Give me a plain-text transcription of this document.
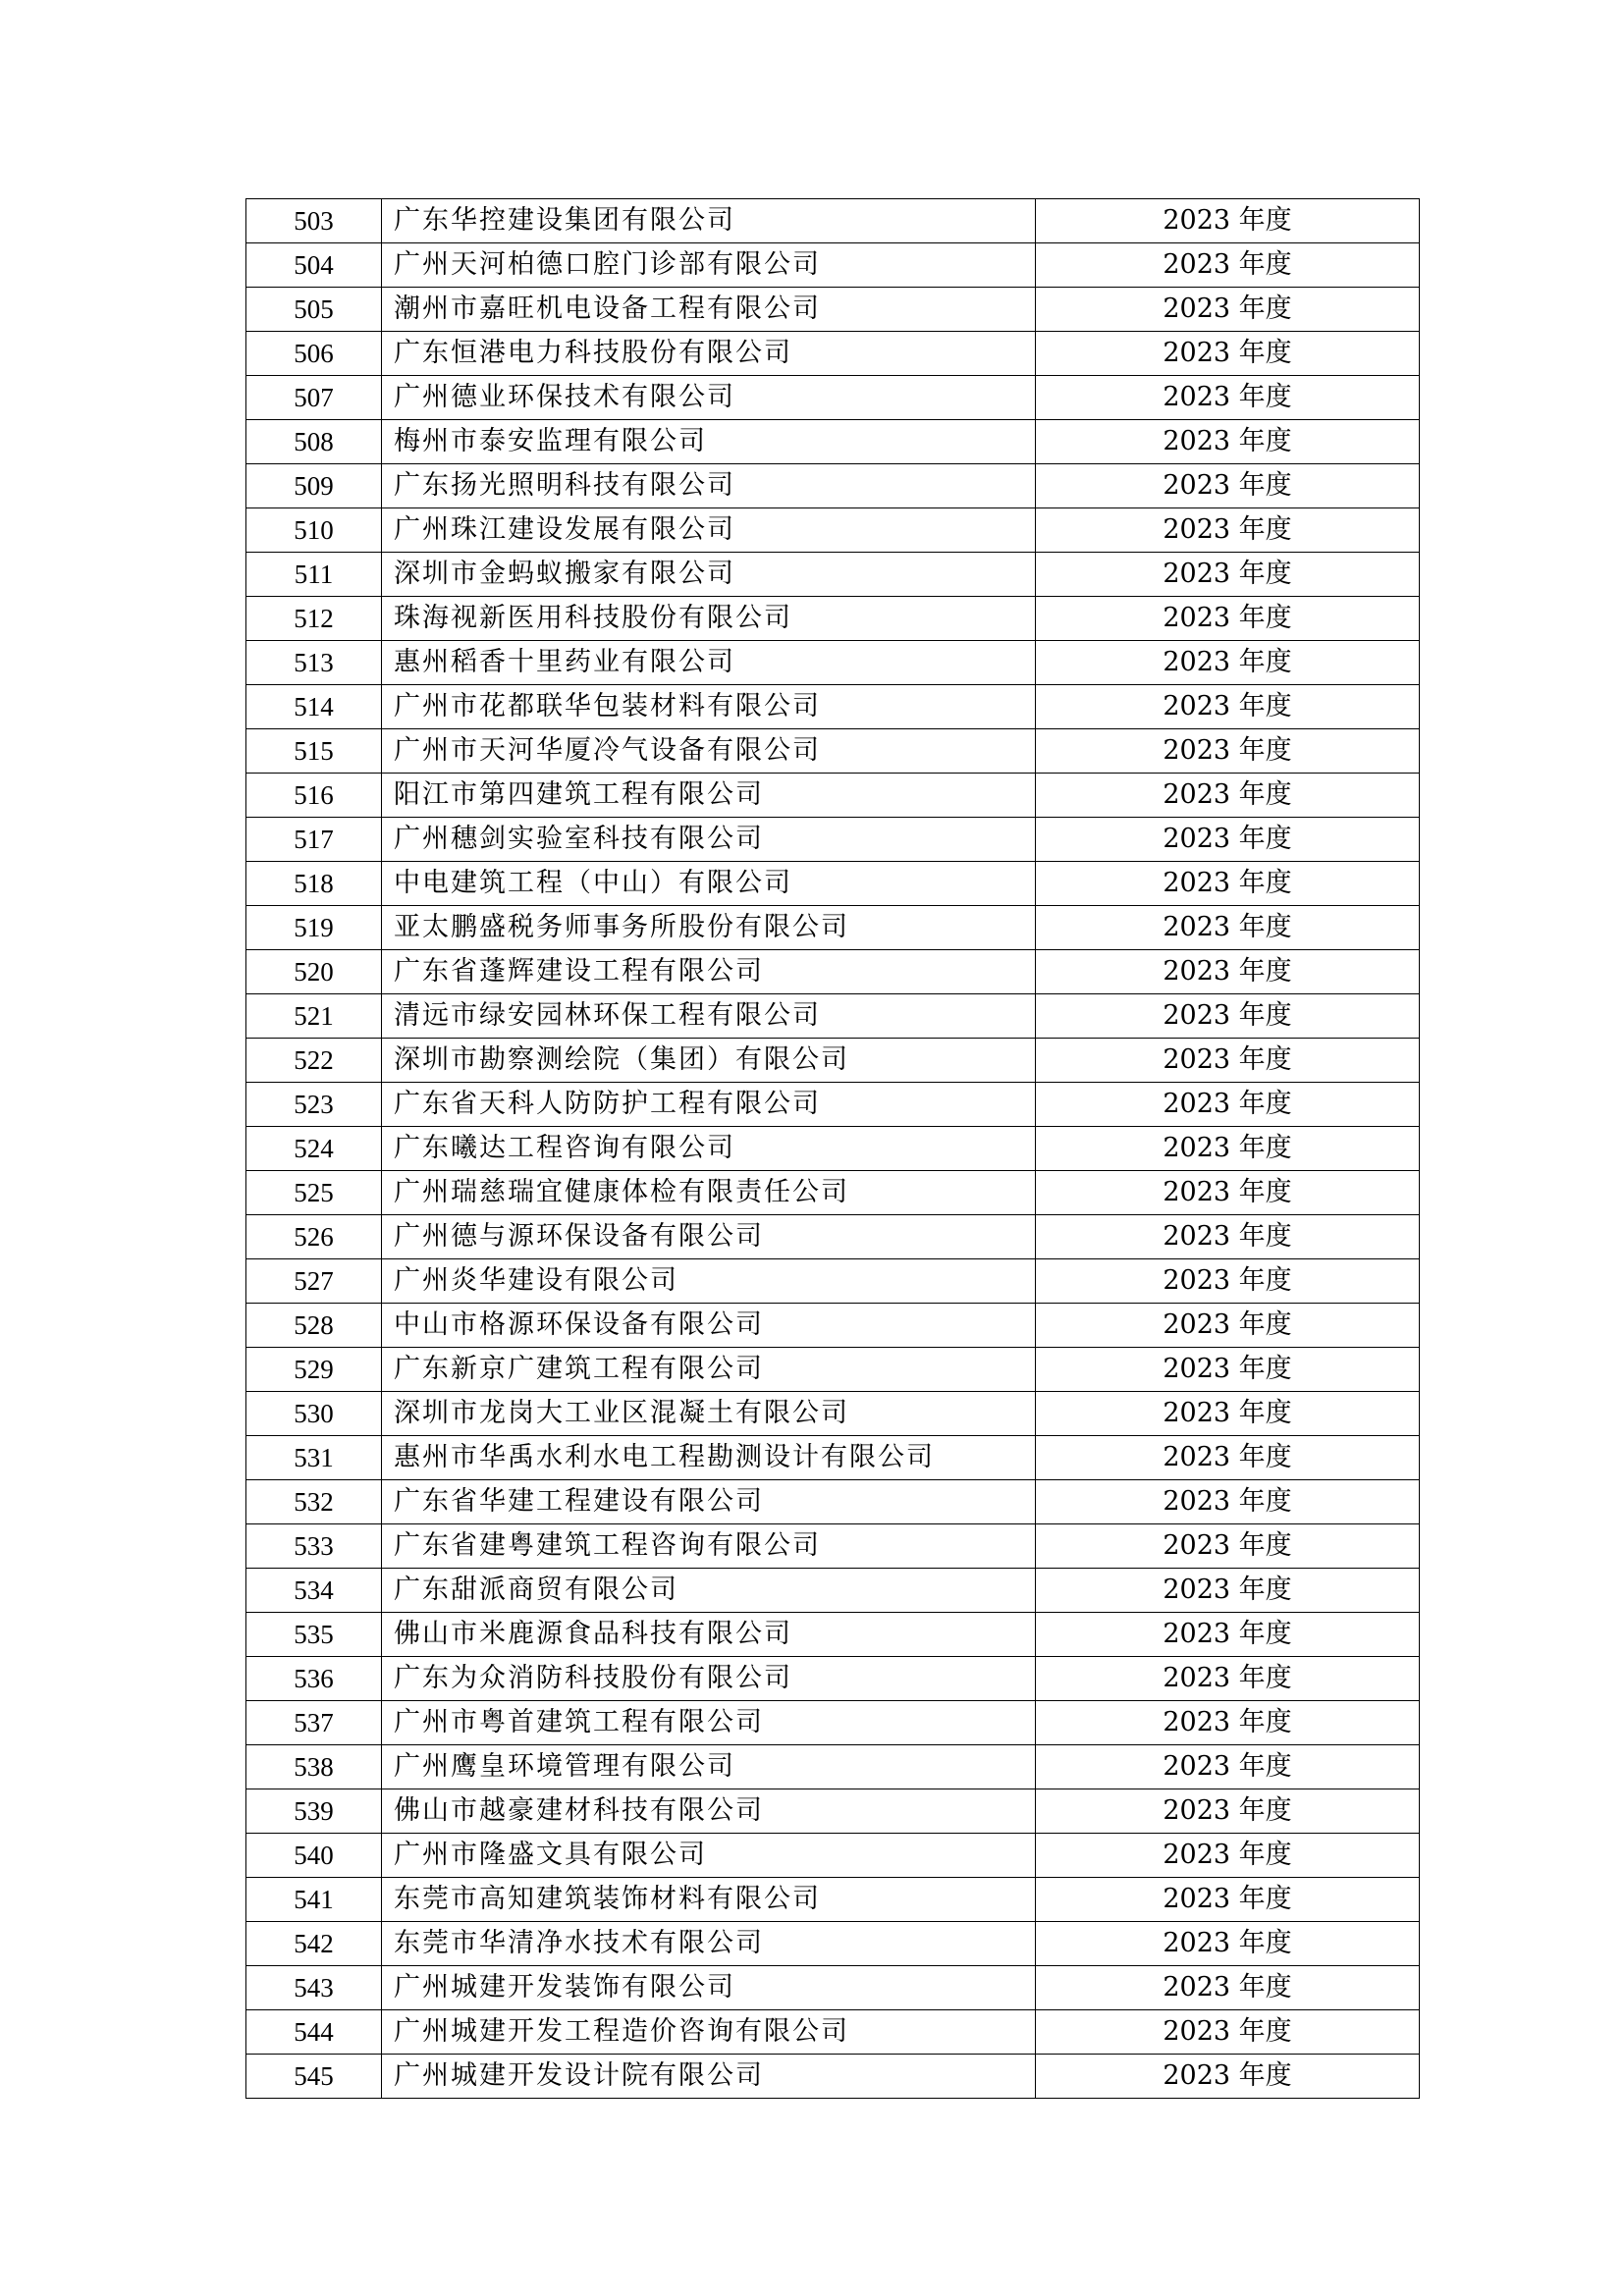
503	广东华控建设集团有限公司	2023 年度
504	广州天河柏德口腔门诊部有限公司	2023 年度
505	潮州市嘉旺机电设备工程有限公司	2023 年度
506	广东恒港电力科技股份有限公司	2023 年度
507	广州德业环保技术有限公司	2023 年度
508	梅州市泰安监理有限公司	2023 年度
509	广东扬光照明科技有限公司	2023 年度
510	广州珠江建设发展有限公司	2023 年度
511	深圳市金蚂蚁搬家有限公司	2023 年度
512	珠海视新医用科技股份有限公司	2023 年度
513	惠州稻香十里药业有限公司	2023 年度
514	广州市花都联华包装材料有限公司	2023 年度
515	广州市天河华厦冷气设备有限公司	2023 年度
516	阳江市第四建筑工程有限公司	2023 年度
517	广州穗剑实验室科技有限公司	2023 年度
518	中电建筑工程（中山）有限公司	2023 年度
519	亚太鹏盛税务师事务所股份有限公司	2023 年度
520	广东省蓬辉建设工程有限公司	2023 年度
521	清远市绿安园林环保工程有限公司	2023 年度
522	深圳市勘察测绘院（集团）有限公司	2023 年度
523	广东省天科人防防护工程有限公司	2023 年度
524	广东曦达工程咨询有限公司	2023 年度
525	广州瑞慈瑞宜健康体检有限责任公司	2023 年度
526	广州德与源环保设备有限公司	2023 年度
527	广州炎华建设有限公司	2023 年度
528	中山市格源环保设备有限公司	2023 年度
529	广东新京广建筑工程有限公司	2023 年度
530	深圳市龙岗大工业区混凝土有限公司	2023 年度
531	惠州市华禹水利水电工程勘测设计有限公司	2023 年度
532	广东省华建工程建设有限公司	2023 年度
533	广东省建粤建筑工程咨询有限公司	2023 年度
534	广东甜派商贸有限公司	2023 年度
535	佛山市米鹿源食品科技有限公司	2023 年度
536	广东为众消防科技股份有限公司	2023 年度
537	广州市粤首建筑工程有限公司	2023 年度
538	广州鹰皇环境管理有限公司	2023 年度
539	佛山市越豪建材科技有限公司	2023 年度
540	广州市隆盛文具有限公司	2023 年度
541	东莞市高知建筑装饰材料有限公司	2023 年度
542	东莞市华清净水技术有限公司	2023 年度
543	广州城建开发装饰有限公司	2023 年度
544	广州城建开发工程造价咨询有限公司	2023 年度
545	广州城建开发设计院有限公司	2023 年度
